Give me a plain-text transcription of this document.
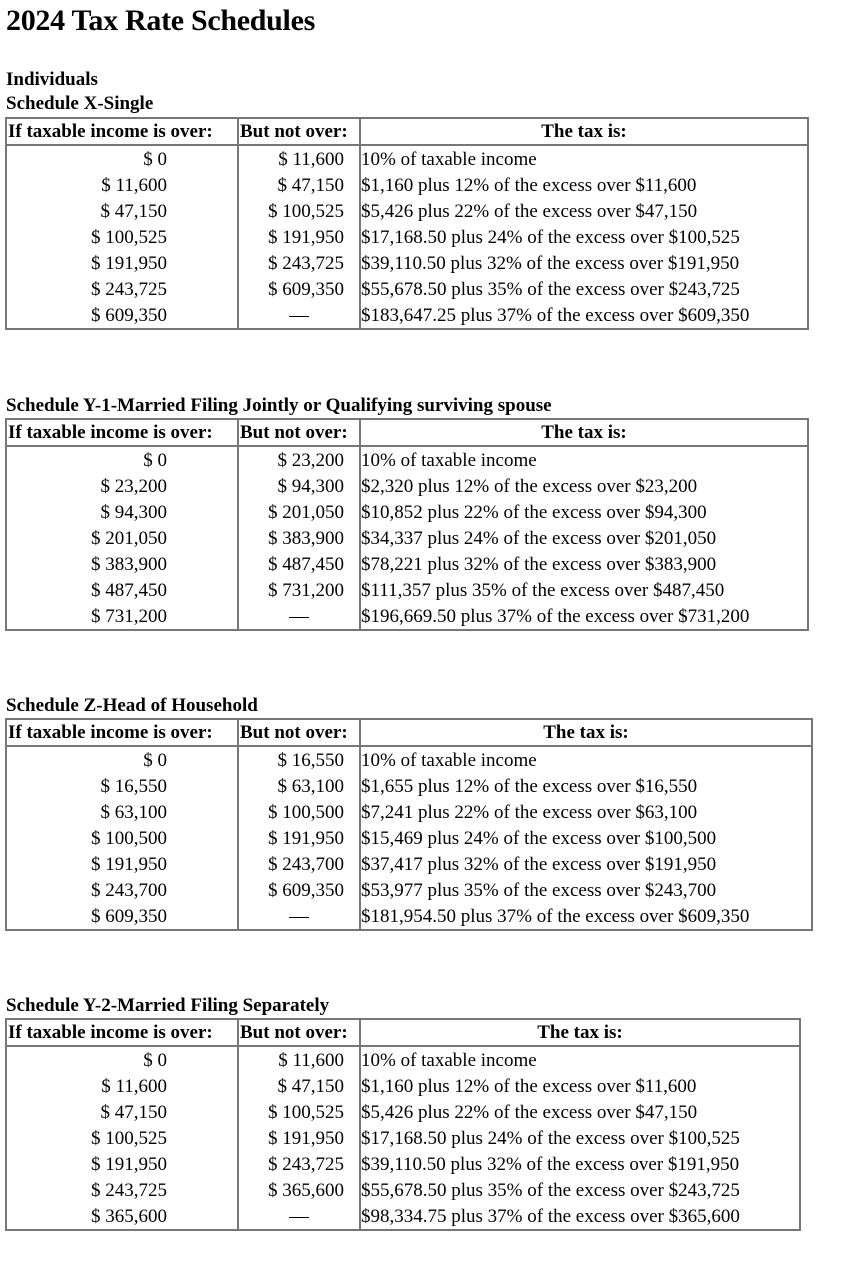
2024 Tax Rate Schedules
Individuals
Schedule X-Single
If taxable income is over:	But not over:	The tax is:
$ 0	$ 11,600	10% of taxable income
$ 11,600	$ 47,150	$1,160 plus 12% of the excess over $11,600
$ 47,150	$ 100,525	$5,426 plus 22% of the excess over $47,150
$ 100,525	$ 191,950	$17,168.50 plus 24% of the excess over $100,525
$ 191,950	$ 243,725	$39,110.50 plus 32% of the excess over $191,950
$ 243,725	$ 609,350	$55,678.50 plus 35% of the excess over $243,725
$ 609,350		$183,647.25 plus 37% of the excess over $609,350
Schedule Y-1-Married Filing Jointly or Qualifying surviving spouse
If taxable income is over:	But not over:	The tax is:
$ 0	$ 23,200	10% of taxable income
$ 23,200	$ 94,300	$2,320 plus 12% of the excess over $23,200
$ 94,300	$ 201,050	$10,852 plus 22% of the excess over $94,300
$ 201,050	$ 383,900	$34,337 plus 24% of the excess over $201,050
$ 383,900	$ 487,450	$78,221 plus 32% of the excess over $383,900
$ 487,450	$ 731,200	$111,357 plus 35% of the excess over $487,450
$ 731,200		$196,669.50 plus 37% of the excess over $731,200
Schedule Z-Head of Household
If taxable income is over:	But not over:	The tax is:
$ 0	$ 16,550	10% of taxable income
$ 16,550	$ 63,100	$1,655 plus 12% of the excess over $16,550
$ 63,100	$ 100,500	$7,241 plus 22% of the excess over $63,100
$ 100,500	$ 191,950	$15,469 plus 24% of the excess over $100,500
$ 191,950	$ 243,700	$37,417 plus 32% of the excess over $191,950
$ 243,700	$ 609,350	$53,977 plus 35% of the excess over $243,700
$ 609,350		$181,954.50 plus 37% of the excess over $609,350
Schedule Y-2-Married Filing Separately
If taxable income is over:	But not over:	The tax is:
$ 0	$ 11,600	10% of taxable income
$ 11,600	$ 47,150	$1,160 plus 12% of the excess over $11,600
$ 47,150	$ 100,525	$5,426 plus 22% of the excess over $47,150
$ 100,525	$ 191,950	$17,168.50 plus 24% of the excess over $100,525
$ 191,950	$ 243,725	$39,110.50 plus 32% of the excess over $191,950
$ 243,725	$ 365,600	$55,678.50 plus 35% of the excess over $243,725
$ 365,600		$98,334.75 plus 37% of the excess over $365,600
